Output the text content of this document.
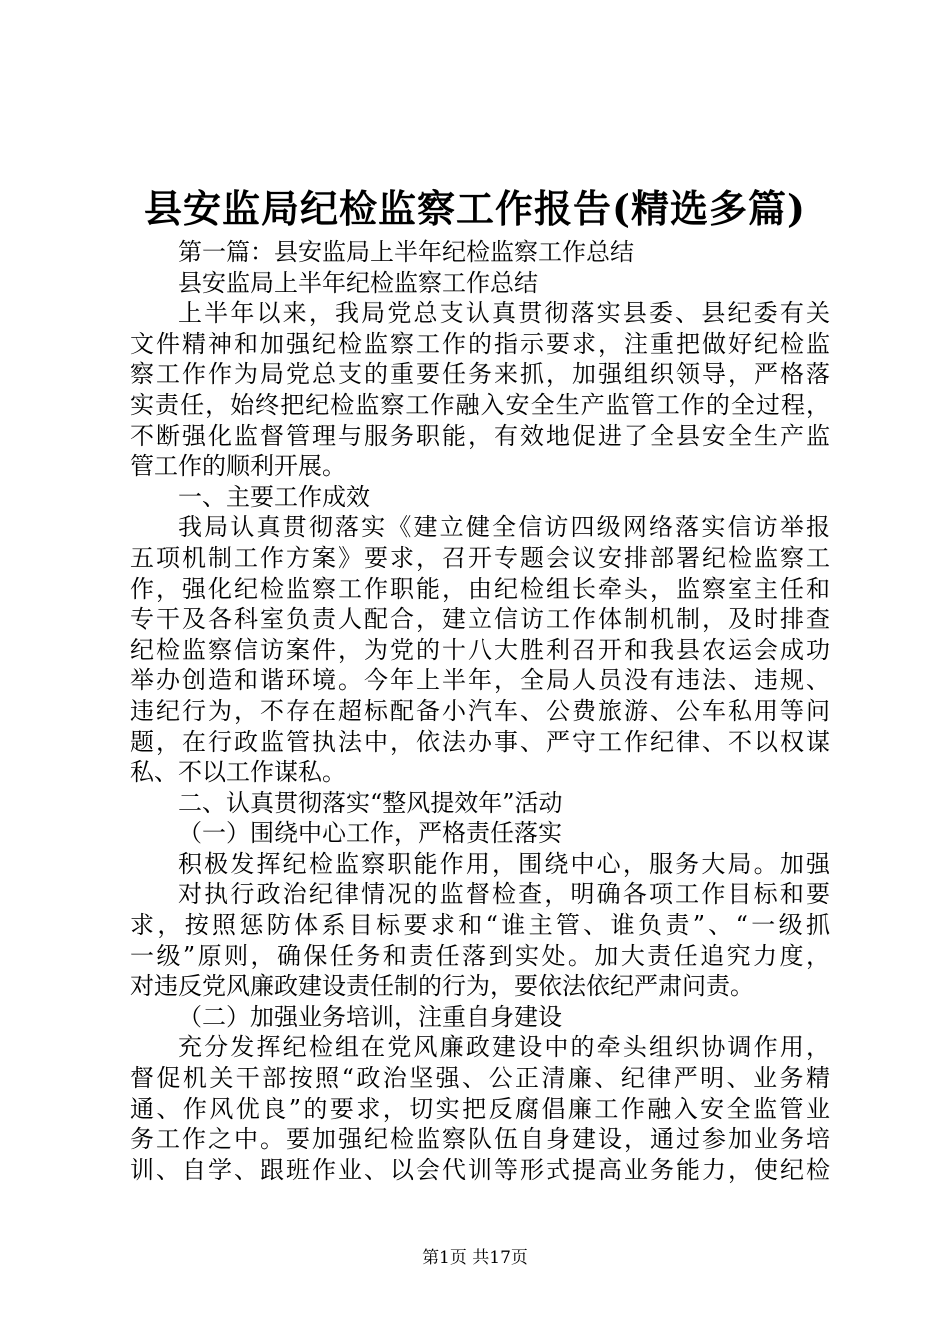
县安监局纪检监察工作报告(精选多篇)
第一篇：县安监局上半年纪检监察工作总结
县安监局上半年纪检监察工作总结
上半年以来，我局党总支认真贯彻落实县委、县纪委有关
文件精神和加强纪检监察工作的指示要求，注重把做好纪检监
察工作作为局党总支的重要任务来抓，加强组织领导，严格落
实责任，始终把纪检监察工作融入安全生产监管工作的全过程，
不断强化监督管理与服务职能，有效地促进了全县安全生产监
管工作的顺利开展。
一、主要工作成效
我局认真贯彻落实《建立健全信访四级网络落实信访举报
五项机制工作方案》要求，召开专题会议安排部署纪检监察工
作，强化纪检监察工作职能，由纪检组长牵头，监察室主任和
专干及各科室负责人配合，建立信访工作体制机制，及时排查
纪检监察信访案件，为党的十八大胜利召开和我县农运会成功
举办创造和谐环境。今年上半年，全局人员没有违法、违规、
违纪行为，不存在超标配备小汽车、公费旅游、公车私用等问
题，在行政监管执法中，依法办事、严守工作纪律、不以权谋
私、不以工作谋私。
二、认真贯彻落实“整风提效年”活动
（一）围绕中心工作，严格责任落实
积极发挥纪检监察职能作用，围绕中心，服务大局。加强
对执行政治纪律情况的监督检查，明确各项工作目标和要
求，按照惩防体系目标要求和“谁主管、谁负责”、“一级抓
一级”原则，确保任务和责任落到实处。加大责任追究力度，
对违反党风廉政建设责任制的行为，要依法依纪严肃问责。
（二）加强业务培训，注重自身建设
充分发挥纪检组在党风廉政建设中的牵头组织协调作用，
督促机关干部按照“政治坚强、公正清廉、纪律严明、业务精
通、作风优良”的要求，切实把反腐倡廉工作融入安全监管业
务工作之中。要加强纪检监察队伍自身建设，通过参加业务培
训、自学、跟班作业、以会代训等形式提高业务能力，使纪检
第1页 共17页
